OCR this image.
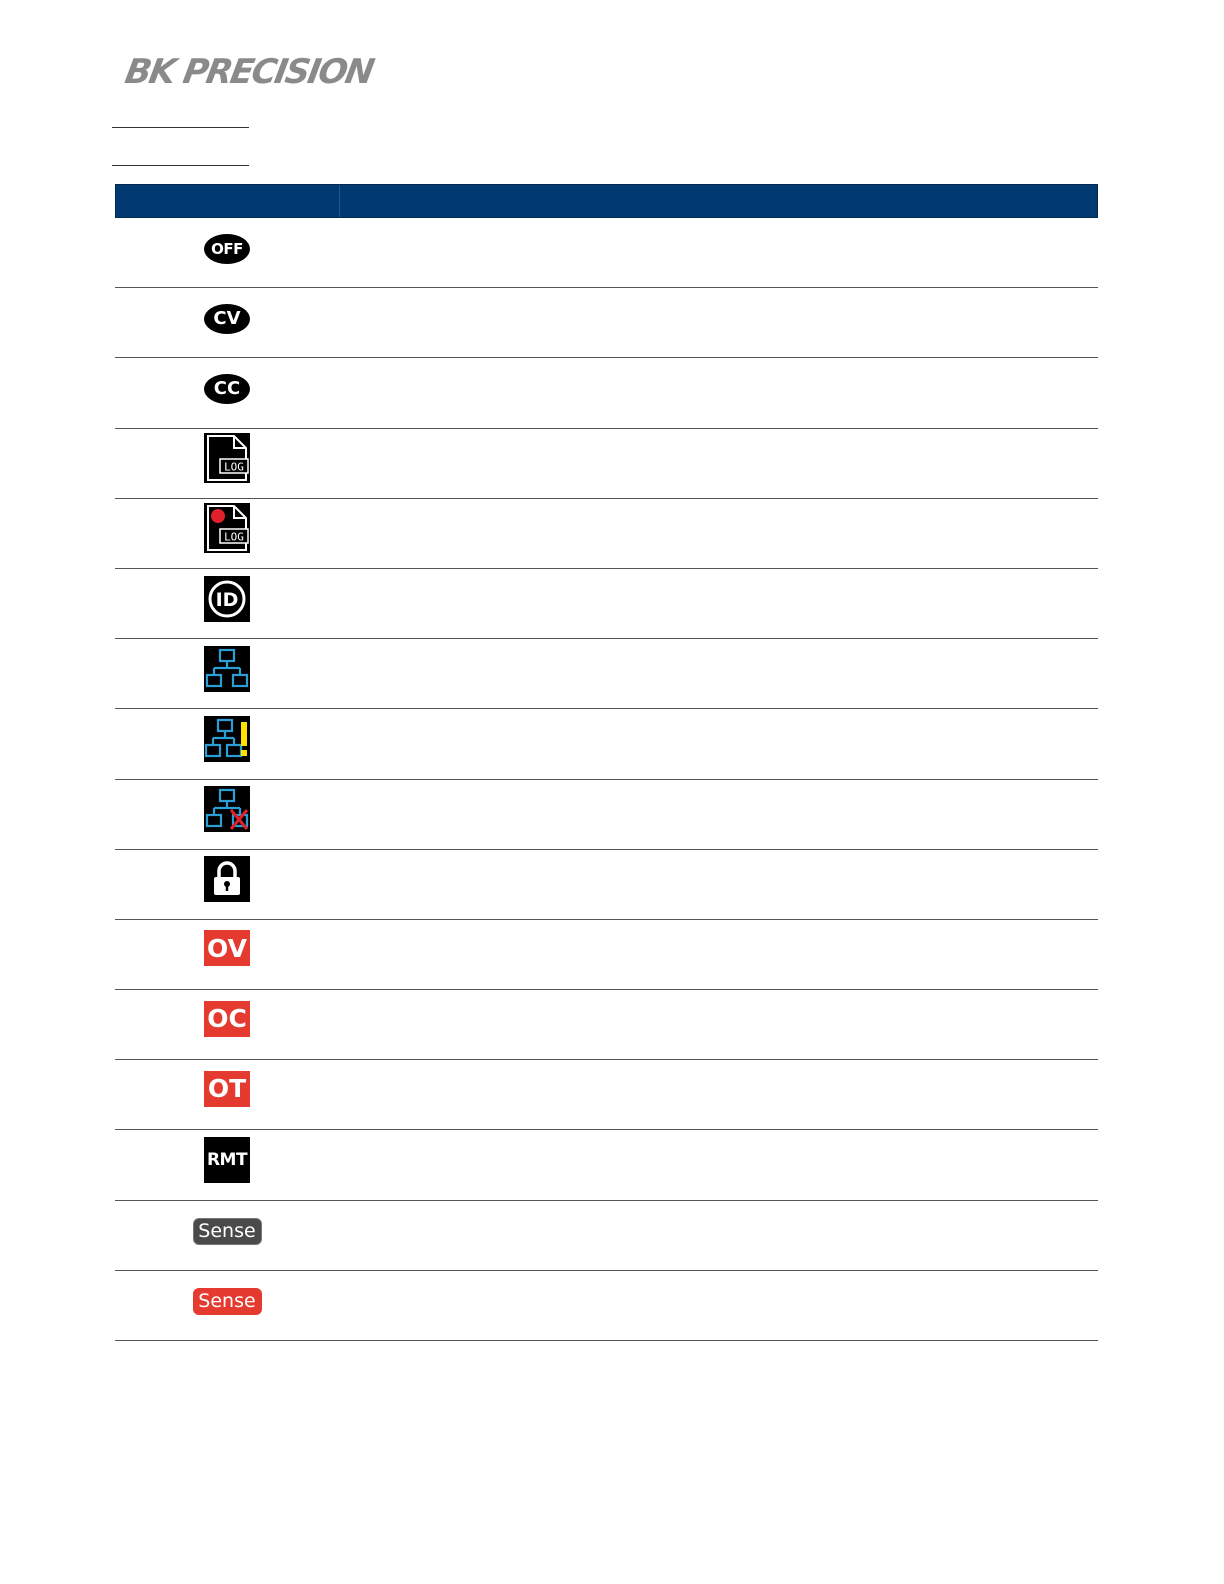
BK PRECISION
OFF
CV
CC
LOG
LOG
ID
OV
OC
OT
RMT
Sense
Sense
